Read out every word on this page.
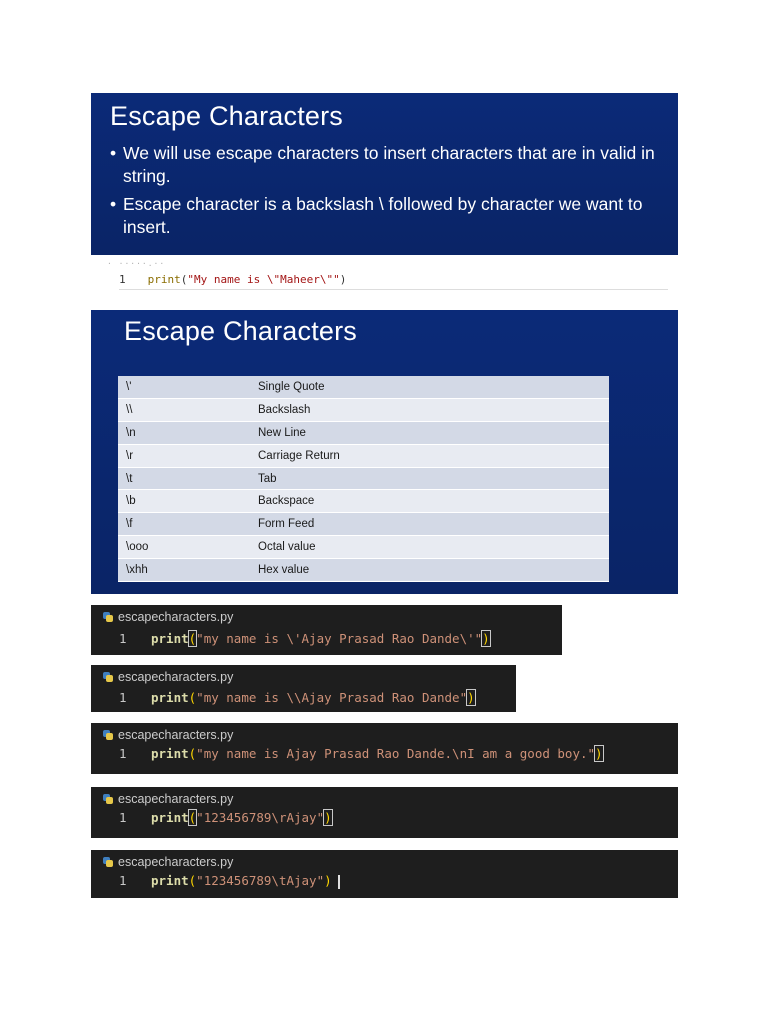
Escape Characters
• We will use escape characters to insert characters that are in valid in string.
• Escape character is a backslash \ followed by character we want to insert.
· ·····.··
1 print("My name is \"Maheer\"")
Escape Characters
\'	Single Quote
\\	Backslash
\n	New Line
\r	Carriage Return
\t	Tab
\b	Backspace
\f	Form Feed
\ooo	Octal value
\xhh	Hex value
escapecharacters.py
1 print("my name is \'Ajay Prasad Rao Dande\'")
escapecharacters.py
1 print("my name is \\Ajay Prasad Rao Dande")
escapecharacters.py
1 print("my name is Ajay Prasad Rao Dande.\nI am a good boy.")
escapecharacters.py
1 print("123456789\rAjay")
escapecharacters.py
1 print("123456789\tAjay")
